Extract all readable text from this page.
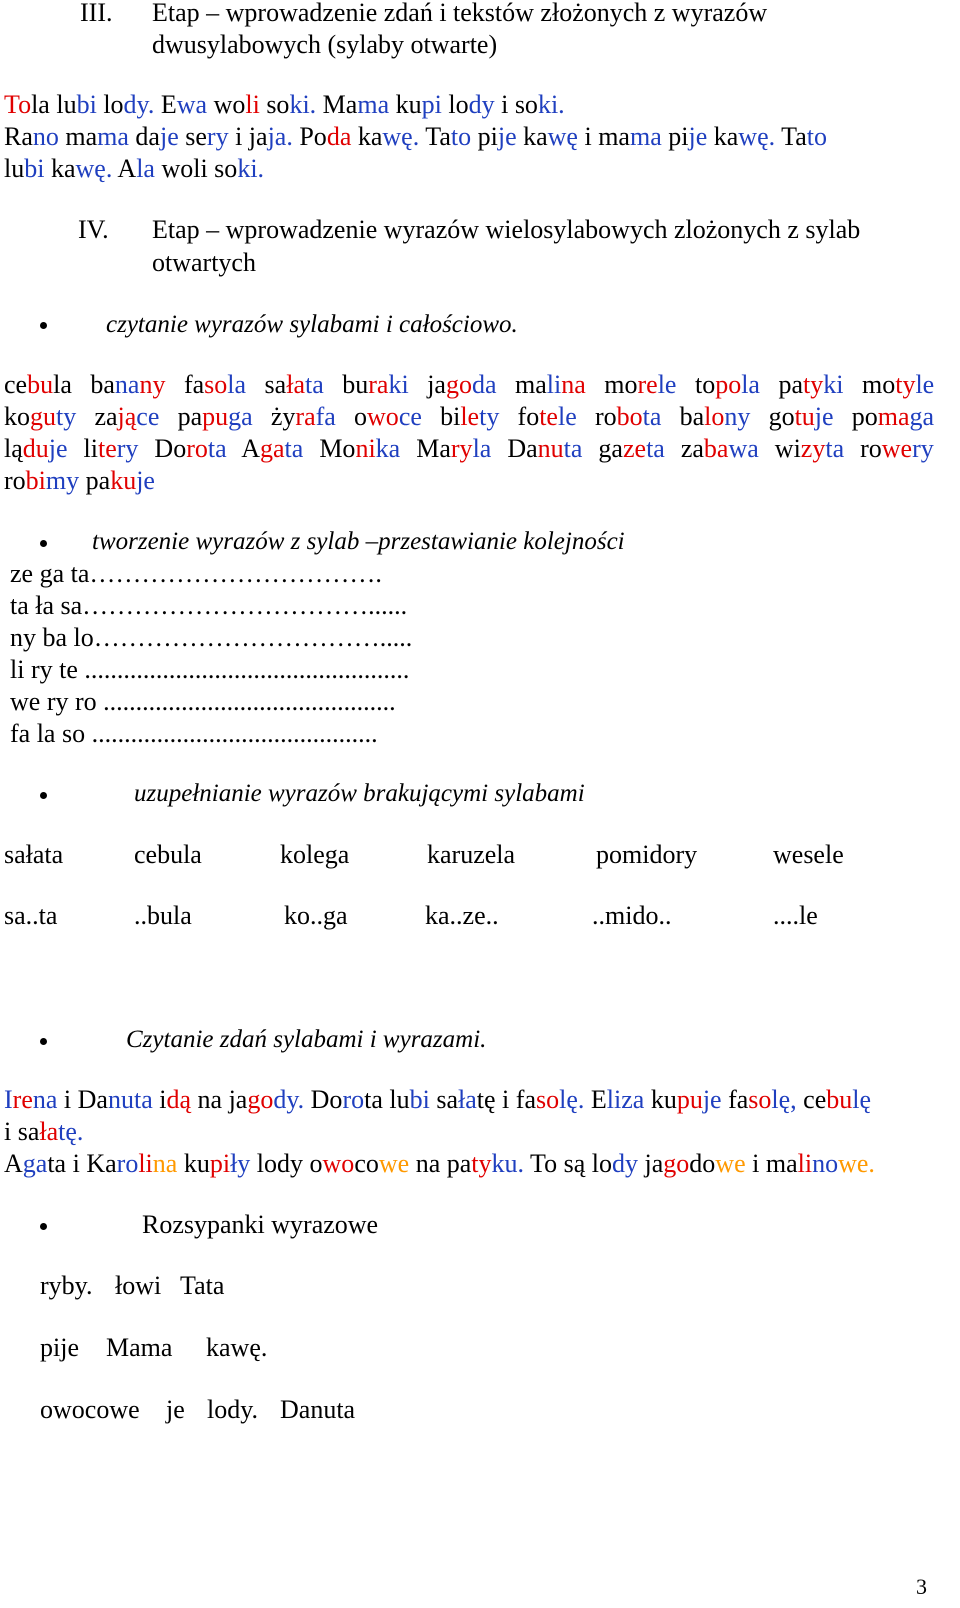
III. Etap – wprowadzenie zdań i tekstów złożonych z wyrazów
dwusylabowych (sylaby otwarte)
Tola lubi lody. Ewa woli soki. Mama kupi lody i soki.
Rano mama daje sery i jaja. Poda kawę. Tato pije kawę i mama pije kawę. Tato
lubi kawę. Ala woli soki.
IV. Etap – wprowadzenie wyrazów wielosylabowych zlożonych z sylab
otwartych
czytanie wyrazów sylabami i całościowo.
cebula banany fasola sałata buraki jagoda malina morele topola patyki motyle
koguty zające papuga żyrafa owoce bilety fotele robota balony gotuje pomaga
ląduje litery Dorota Agata Monika Maryla Danuta gazeta zabawa wizyta rowery
robimy pakuje
tworzenie wyrazów z sylab –przestawianie kolejności
ze ga ta…………………………….
ta ła sa……………………………......
ny ba lo…………………………….....
li ry te ..................................................
we ry ro .............................................
fa la so ............................................
uzupełnianie wyrazów brakującymi sylabami
sałata	cebula	kolega	karuzela	pomidory	wesele
sa..ta	..bula	ko..ga	ka..ze..	..mido..	....le
Czytanie zdań sylabami i wyrazami.
Irena i Danuta idą na jagody. Dorota lubi sałatę i fasolę. Eliza kupuje fasolę, cebulę
i sałatę.
Agata i Karolina kupiły lody owocowe na patyku. To są lody jagodowe i malinowe.
Rozsypanki wyrazowe
ryby. łowi Tata
pije Mama kawę.
owocowe je lody. Danuta
3
